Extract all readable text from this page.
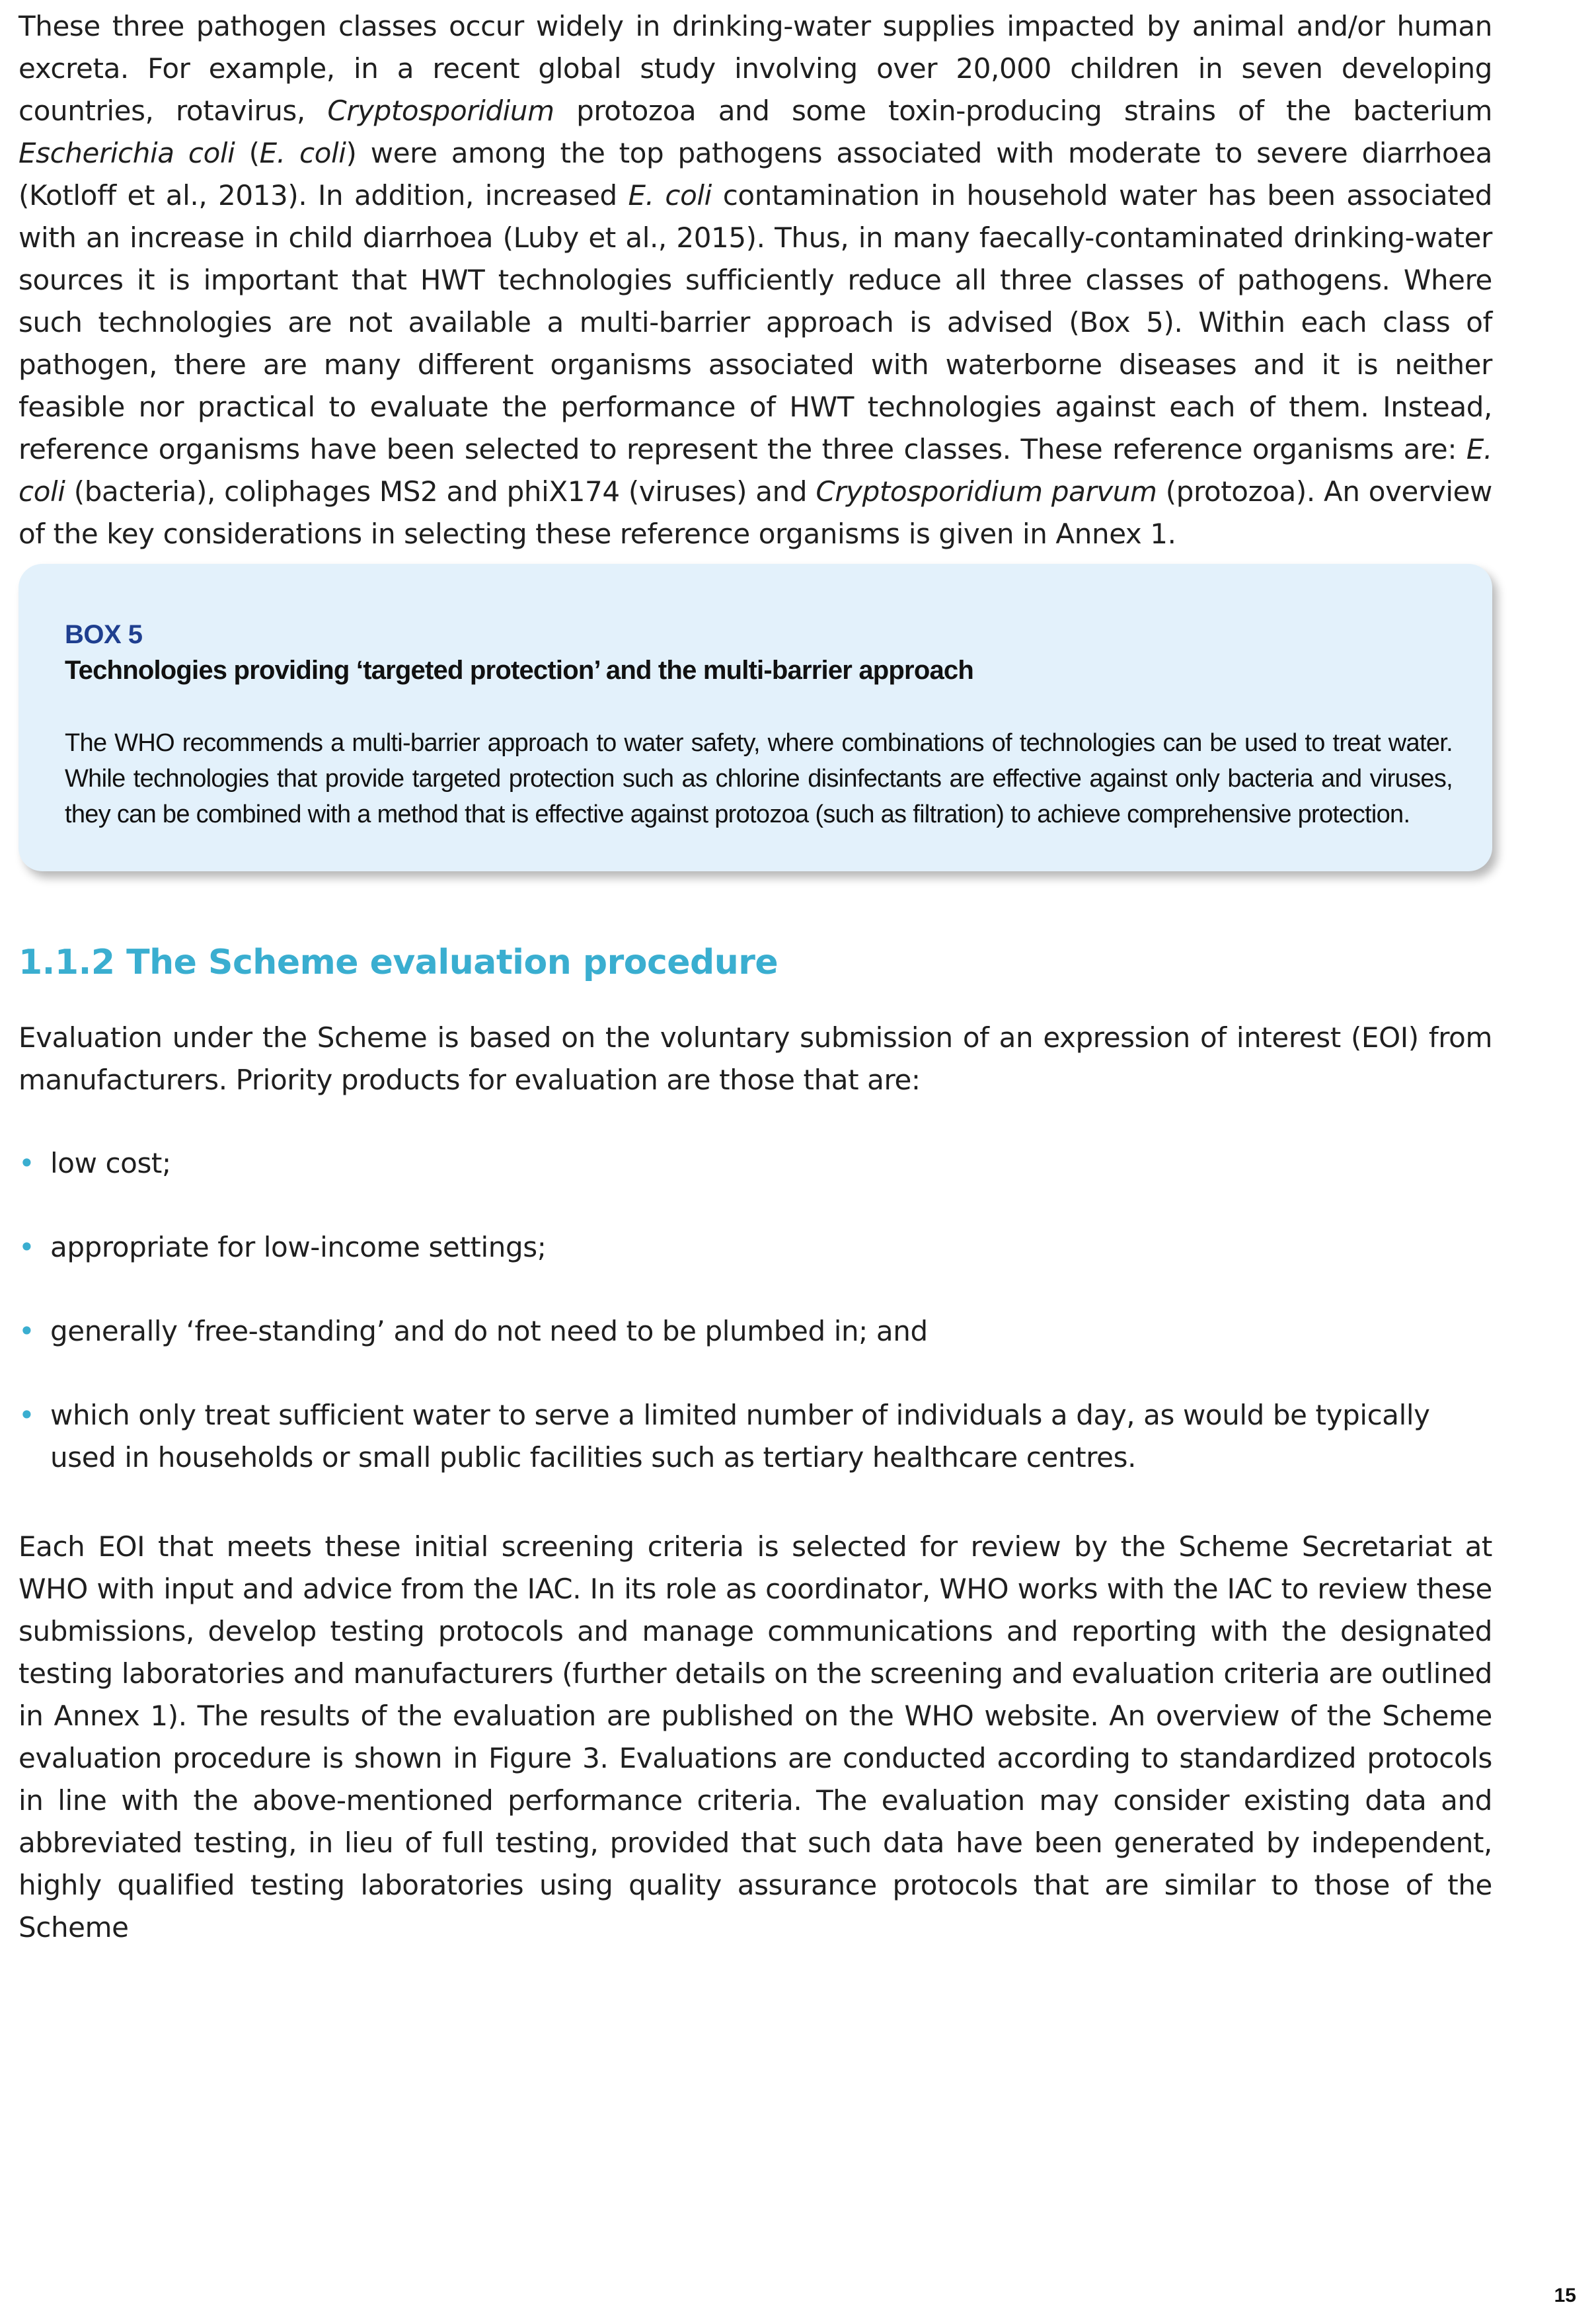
These three pathogen classes occur widely in drinking-water supplies impacted by animal and/or human excreta. For example, in a recent global study involving over 20,000 children in seven developing countries, rotavirus, Cryptosporidium protozoa and some toxin-producing strains of the bacterium Escherichia coli (E. coli) were among the top pathogens associated with moderate to severe diarrhoea (Kotloff et al., 2013). In addition, increased E. coli contamination in household water has been associated with an increase in child diarrhoea (Luby et al., 2015). Thus, in many faecally-contaminated drinking-water sources it is important that HWT technologies sufficiently reduce all three classes of pathogens. Where such technologies are not available a multi-barrier approach is advised (Box 5). Within each class of pathogen, there are many different organisms associated with waterborne diseases and it is neither feasible nor practical to evaluate the performance of HWT technologies against each of them. Instead, reference organisms have been selected to represent the three classes. These reference organisms are: E. coli (bacteria), coliphages MS2 and phiX174 (viruses) and Cryptosporidium parvum (protozoa). An overview of the key considerations in selecting these reference organisms is given in Annex 1.

BOX 5

Technologies providing ‘targeted protection’ and the multi-barrier approach

The WHO recommends a multi-barrier approach to water safety, where combinations of technologies can be used to treat water. While technologies that provide targeted protection such as chlorine disinfectants are effective against only bacteria and viruses, they can be combined with a method that is effective against protozoa (such as filtration) to achieve comprehensive protection.

1.1.2 The Scheme evaluation procedure

Evaluation under the Scheme is based on the voluntary submission of an expression of interest (EOI) from manufacturers. Priority products for evaluation are those that are:

• low cost;
• appropriate for low-income settings;
• generally ‘free-standing’ and do not need to be plumbed in; and
• which only treat sufficient water to serve a limited number of individuals a day, as would be typically used in households or small public facilities such as tertiary healthcare centres.

Each EOI that meets these initial screening criteria is selected for review by the Scheme Secretariat at WHO with input and advice from the IAC. In its role as coordinator, WHO works with the IAC to review these submissions, develop testing protocols and manage communications and reporting with the designated testing laboratories and manufacturers (further details on the screening and evaluation criteria are outlined in Annex 1). The results of the evaluation are published on the WHO website. An overview of the Scheme evaluation procedure is shown in Figure 3. Evaluations are conducted according to standardized protocols in line with the above-mentioned performance criteria. The evaluation may consider existing data and abbreviated testing, in lieu of full testing, provided that such data have been generated by independent, highly qualified testing laboratories using quality assurance protocols that are similar to those of the Scheme

15
